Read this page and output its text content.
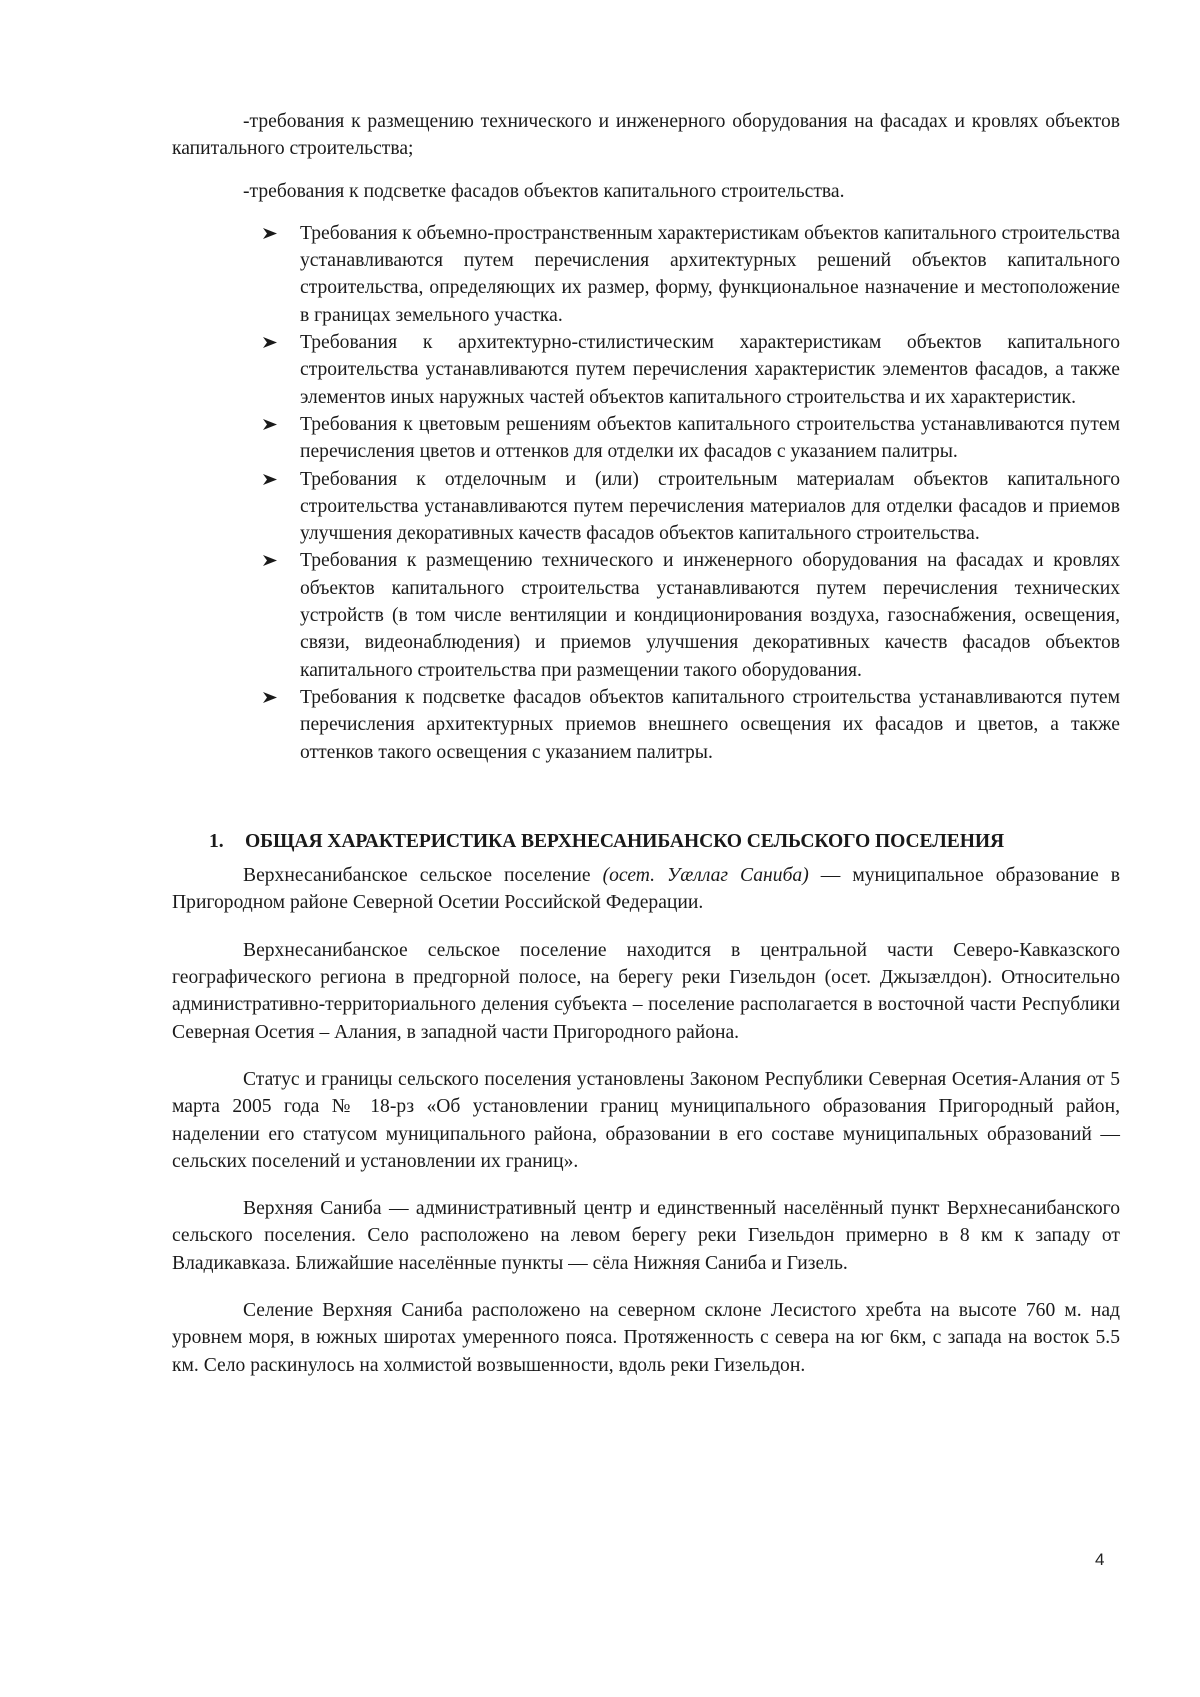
-требования к размещению технического и инженерного оборудования на фасадах и кровлях объектов капитального строительства;

-требования к подсветке фасадов объектов капитального строительства.

Требования к объемно-пространственным характеристикам объектов капитального строительства устанавливаются путем перечисления архитектурных решений объектов капитального строительства, определяющих их размер, форму, функциональное назначение и местоположение в границах земельного участка.
Требования к архитектурно-стилистическим характеристикам объектов капитального строительства устанавливаются путем перечисления характеристик элементов фасадов, а также элементов иных наружных частей объектов капитального строительства и их характеристик.
Требования к цветовым решениям объектов капитального строительства устанавливаются путем перечисления цветов и оттенков для отделки их фасадов с указанием палитры.
Требования к отделочным и (или) строительным материалам объектов капитального строительства устанавливаются путем перечисления материалов для отделки фасадов и приемов улучшения декоративных качеств фасадов объектов капитального строительства.
Требования к размещению технического и инженерного оборудования на фасадах и кровлях объектов капитального строительства устанавливаются путем перечисления технических устройств (в том числе вентиляции и кондиционирования воздуха, газоснабжения, освещения, связи, видеонаблюдения) и приемов улучшения декоративных качеств фасадов объектов капитального строительства при размещении такого оборудования.
Требования к подсветке фасадов объектов капитального строительства устанавливаются путем перечисления архитектурных приемов внешнего освещения их фасадов и цветов, а также оттенков такого освещения с указанием палитры.
1. ОБЩАЯ ХАРАКТЕРИСТИКА ВЕРХНЕСАНИБАНСКО СЕЛЬСКОГО ПОСЕЛЕНИЯ

Верхнесанибанское сельское поселение (осет. Уæллаг Саниба) — муниципальное образование в Пригородном районе Северной Осетии Российской Федерации.

Верхнесанибанское сельское поселение находится в центральной части Северо-Кавказского географического региона в предгорной полосе, на берегу реки Гизельдон (осет. Джызæлдон). Относительно административно-территориального деления субъекта – поселение располагается в восточной части Республики Северная Осетия – Алания, в западной части Пригородного района.

Статус и границы сельского поселения установлены Законом Республики Северная Осетия-Алания от 5 марта 2005 года № 18-рз «Об установлении границ муниципального образования Пригородный район, наделении его статусом муниципального района, образовании в его составе муниципальных образований — сельских поселений и установлении их границ».

Верхняя Саниба — административный центр и единственный населённый пункт Верхнесанибанского сельского поселения. Село расположено на левом берегу реки Гизельдон примерно в 8 км к западу от Владикавказа. Ближайшие населённые пункты — сёла Нижняя Саниба и Гизель.

Селение Верхняя Саниба расположено на северном склоне Лесистого хребта на высоте 760 м. над уровнем моря, в южных широтах умеренного пояса. Протяженность с севера на юг 6км, с запада на восток 5.5 км. Село раскинулось на холмистой возвышенности, вдоль реки Гизельдон.

4
